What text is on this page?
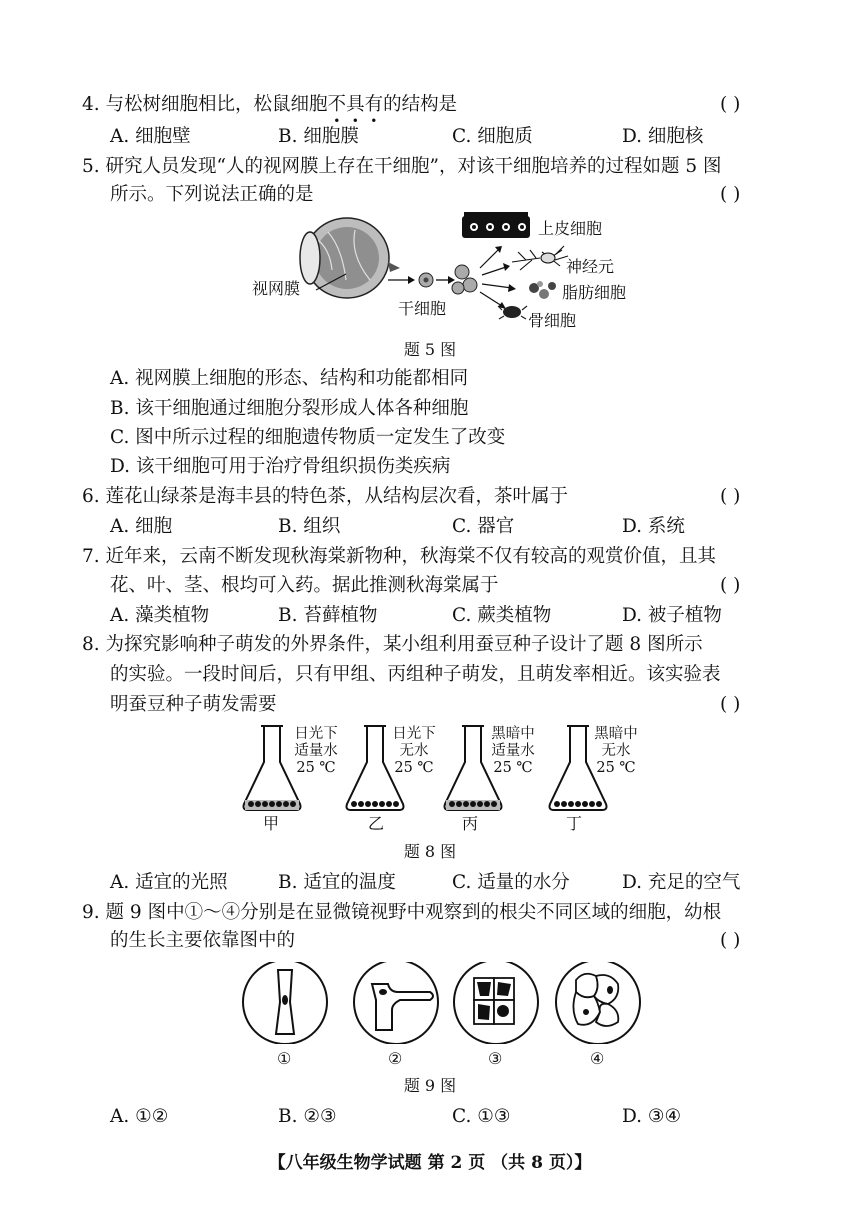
4. 与松树细胞相比，松鼠细胞不具有的结构是	( )
A. 细胞壁	B. 细胞膜	C. 细胞质	D. 细胞核
5. 研究人员发现“人的视网膜上存在干细胞”，对该干细胞培养的过程如题 5 图
所示。下列说法正确的是	( )
视网膜
干细胞
上皮细胞
神经元
脂肪细胞
骨细胞
题 5 图
A. 视网膜上细胞的形态、结构和功能都相同
B. 该干细胞通过细胞分裂形成人体各种细胞
C. 图中所示过程的细胞遗传物质一定发生了改变
D. 该干细胞可用于治疗骨组织损伤类疾病
6. 莲花山绿茶是海丰县的特色茶，从结构层次看，茶叶属于	( )
A. 细胞	B. 组织	C. 器官	D. 系统
7. 近年来，云南不断发现秋海棠新物种，秋海棠不仅有较高的观赏价值，且其
花、叶、茎、根均可入药。据此推测秋海棠属于	( )
A. 藻类植物	B. 苔藓植物	C. 蕨类植物	D. 被子植物
8. 为探究影响种子萌发的外界条件，某小组利用蚕豆种子设计了题 8 图所示
的实验。一段时间后，只有甲组、丙组种子萌发，且萌发率相近。该实验表
明蚕豆种子萌发需要	( )
日光下
适量水
25 ℃
日光下
无水
25 ℃
黑暗中
适量水
25 ℃
黑暗中
无水
25 ℃
甲	乙	丙	丁
题 8 图
A. 适宜的光照	B. 适宜的温度	C. 适量的水分	D. 充足的空气
9. 题 9 图中①～④分别是在显微镜视野中观察到的根尖不同区域的细胞，幼根
的生长主要依靠图中的	( )
①	②	③	④
题 9 图
A. ①②	B. ②③	C. ①③	D. ③④
【八年级生物学试题 第 2 页 （共 8 页）】
